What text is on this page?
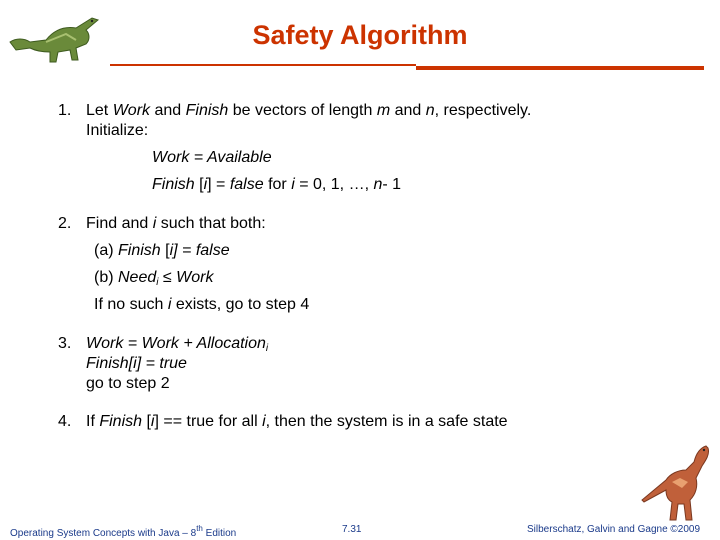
Safety Algorithm
1. Let Work and Finish be vectors of length m and n, respectively.
Initialize:
Work = Available
Finish [i] = false for i = 0, 1, …, n- 1
2. Find and i such that both:
(a) Finish [i] = false
(b) Need$_i$ ≤ Work
If no such i exists, go to step 4
3. Work = Work + Allocation$_i$
Finish[i] = true
go to step 2
4. If Finish [i] == true for all i, then the system is in a safe state
Operating System Concepts with Java – 8th Edition	7.31	Silberschatz, Galvin and Gagne ©2009
